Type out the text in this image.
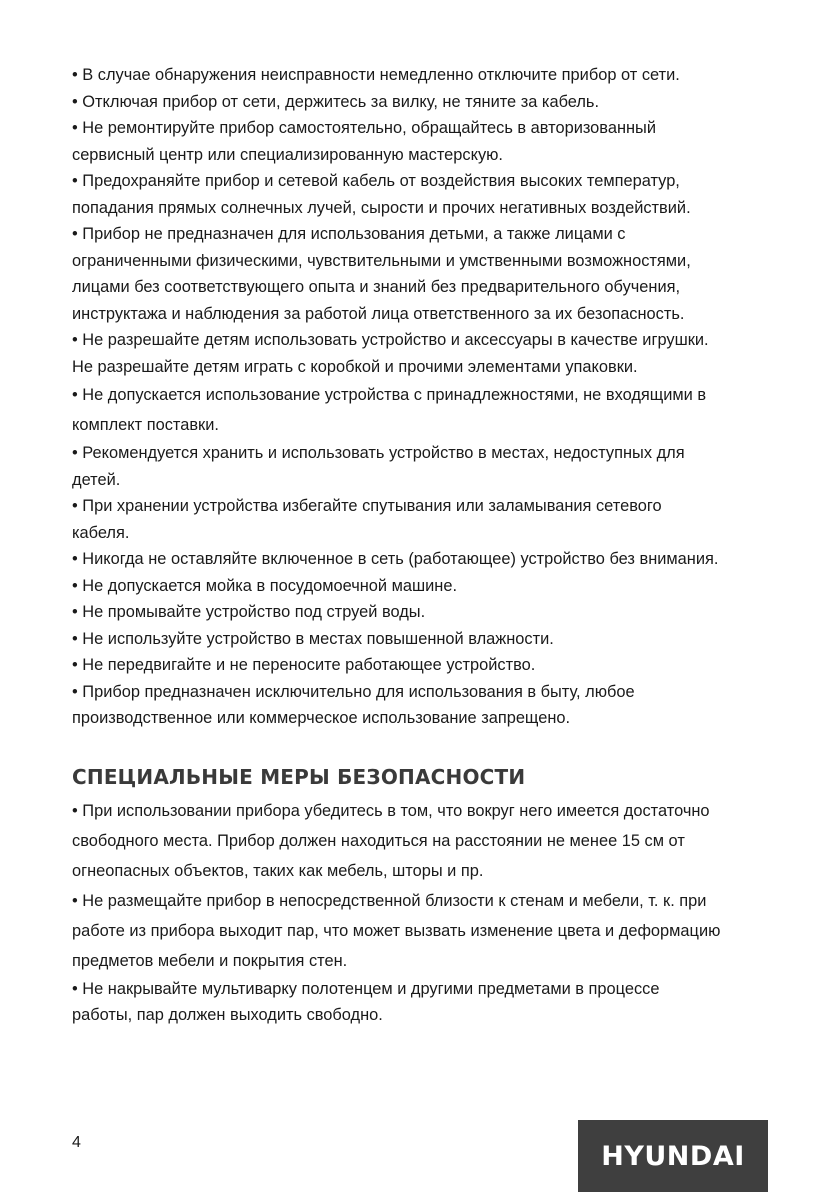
• В случае обнаружения неисправности немедленно отключите прибор от сети.

• Отключая прибор от сети, держитесь за вилку, не тяните за кабель.

• Не ремонтируйте прибор самостоятельно, обращайтесь в авторизованный
сервисный центр или специализированную мастерскую.

• Предохраняйте прибор и сетевой кабель от воздействия высоких температур,
попадания прямых солнечных лучей, сырости и прочих негативных воздействий.

• Прибор не предназначен для использования детьми, а также лицами с
ограниченными физическими, чувствительными и умственными возможностями,
лицами без соответствующего опыта и знаний без предварительного обучения,
инструктажа и наблюдения за работой лица ответственного за их безопасность.

• Не разрешайте детям использовать устройство и аксессуары в качестве игрушки.
Не разрешайте детям играть с коробкой и прочими элементами упаковки.

• Не допускается использование устройства с принадлежностями, не входящими в
комплект поставки.

• Рекомендуется хранить и использовать устройство в местах, недоступных для
детей.

• При хранении устройства избегайте спутывания или заламывания сетевого
кабеля.

• Никогда не оставляйте включенное в сеть (работающее) устройство без внимания.

• Не допускается мойка в посудомоечной машине.

• Не промывайте устройство под струей воды.

• Не используйте устройство в местах повышенной влажности.

• Не передвигайте и не переносите работающее устройство.

• Прибор предназначен исключительно для использования в быту, любое
производственное или коммерческое использование запрещено.

СПЕЦИАЛЬНЫЕ МЕРЫ БЕЗОПАСНОСТИ

• При использовании прибора убедитесь в том, что вокруг него имеется достаточно
свободного места. Прибор должен находиться на расстоянии не менее 15 см от
огнеопасных объектов, таких как мебель, шторы и пр.

• Не размещайте прибор в непосредственной близости к стенам и мебели, т. к. при
работе из прибора выходит пар, что может вызвать изменение цвета и деформацию
предметов мебели и покрытия стен.

• Не накрывайте мультиварку полотенцем и другими предметами в процессе
работы, пар должен выходить свободно.

4	HYUNDAI
